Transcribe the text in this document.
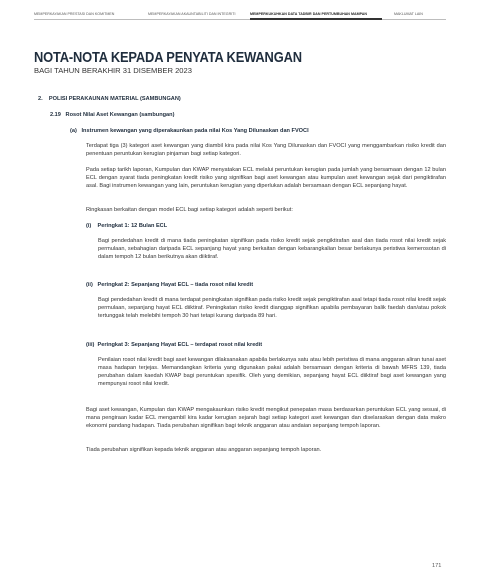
MEMPERKAYAKAN PRESTASI DAN KOMITMEN	MEMPERKAYAKAN AKAUNTABILITI DAN INTEGRITI	MEMPERKUKUHKAN DATA TADBIR DAN PERTUMBUHAN MAMPAN	MAKLUMAT LAIN
NOTA-NOTA KEPADA PENYATA KEWANGAN

BAGI TAHUN BERAKHIR 31 DISEMBER 2023

2.    POLISI PERAKAUNAN MATERIAL (SAMBUNGAN)
2.19   Rosot Nilai Aset Kewangan (sambungan)
(a)   Instrumen kewangan yang diperakaunkan pada nilai Kos Yang Dilunaskan dan FVOCI
Terdapat tiga (3) kategori aset kewangan yang diambil kira pada nilai Kos Yang Dilunaskan dan FVOCI yang menggambarkan risiko kredit dan penentuan peruntukan kerugian pinjaman bagi setiap kategori.
Pada setiap tarikh laporan, Kumpulan dan KWAP menyatakan ECL melalui peruntukan kerugian pada jumlah yang bersamaan dengan 12 bulan ECL dengan syarat tiada peningkatan kredit risiko yang signifikan bagi aset kewangan atau kumpulan aset kewangan sejak dari pengiktirafan asal. Bagi instrumen kewangan yang lain, peruntukan kerugian yang diperlukan adalah bersamaan dengan ECL sepanjang hayat.
Ringkasan berkaitan dengan model ECL bagi setiap kategori adalah seperti berikut:
(i)    Peringkat 1: 12 Bulan ECL
Bagi pendedahan kredit di mana tiada peningkatan signifikan pada risiko kredit sejak pengiktirafan asal dan tiada rosot nilai kredit sejak permulaan, sebahagian daripada ECL sepanjang hayat yang berkaitan dengan kebarangkalian besar berlakunya peristiwa kemerosotan di dalam tempoh 12 bulan berikutnya akan diiktiraf.
(ii)   Peringkat 2: Sepanjang Hayat ECL – tiada rosot nilai kredit
Bagi pendedahan kredit di mana terdapat peningkatan signifikan pada risiko kredit sejak pengiktirafan asal tetapi tiada rosot nilai kredit sejak permulaan, sepanjang hayat ECL diiktiraf. Peningkatan risiko kredit dianggap signifikan apabila pembayaran balik faedah dan/atau pokok tertunggak telah melebihi tempoh 30 hari tetapi kurang daripada 89 hari.
(iii)  Peringkat 3: Sepanjang Hayat ECL – terdapat rosot nilai kredit
Penilaian rosot nilai kredit bagi aset kewangan dilaksanakan apabila berlakunya satu atau lebih peristiwa di mana anggaran aliran tunai aset masa hadapan terjejas. Memandangkan kriteria yang digunakan pakai adalah bersamaan dengan kriteria di bawah MFRS 139, tiada perubahan dalam kaedah KWAP bagi peruntukan spesifik. Oleh yang demikian, sepanjang hayat ECL diiktiraf bagi aset kewangan yang mempunyai rosot nilai kredit.
Bagi aset kewangan, Kumpulan dan KWAP mengakaunkan risiko kredit mengikut penepatan masa berdasarkan peruntukan ECL yang sesuai, di mana pengiraan kadar ECL mengambil kira kadar kerugian sejarah bagi setiap kategori aset kewangan dan diselaraskan dengan data makro ekonomi pandang hadapan. Tiada perubahan signifikan bagi teknik anggaran atau andaian sepanjang tempoh laporan.
Tiada perubahan signifikan kepada teknik anggaran atau anggaran sepanjang tempoh laporan.
171
